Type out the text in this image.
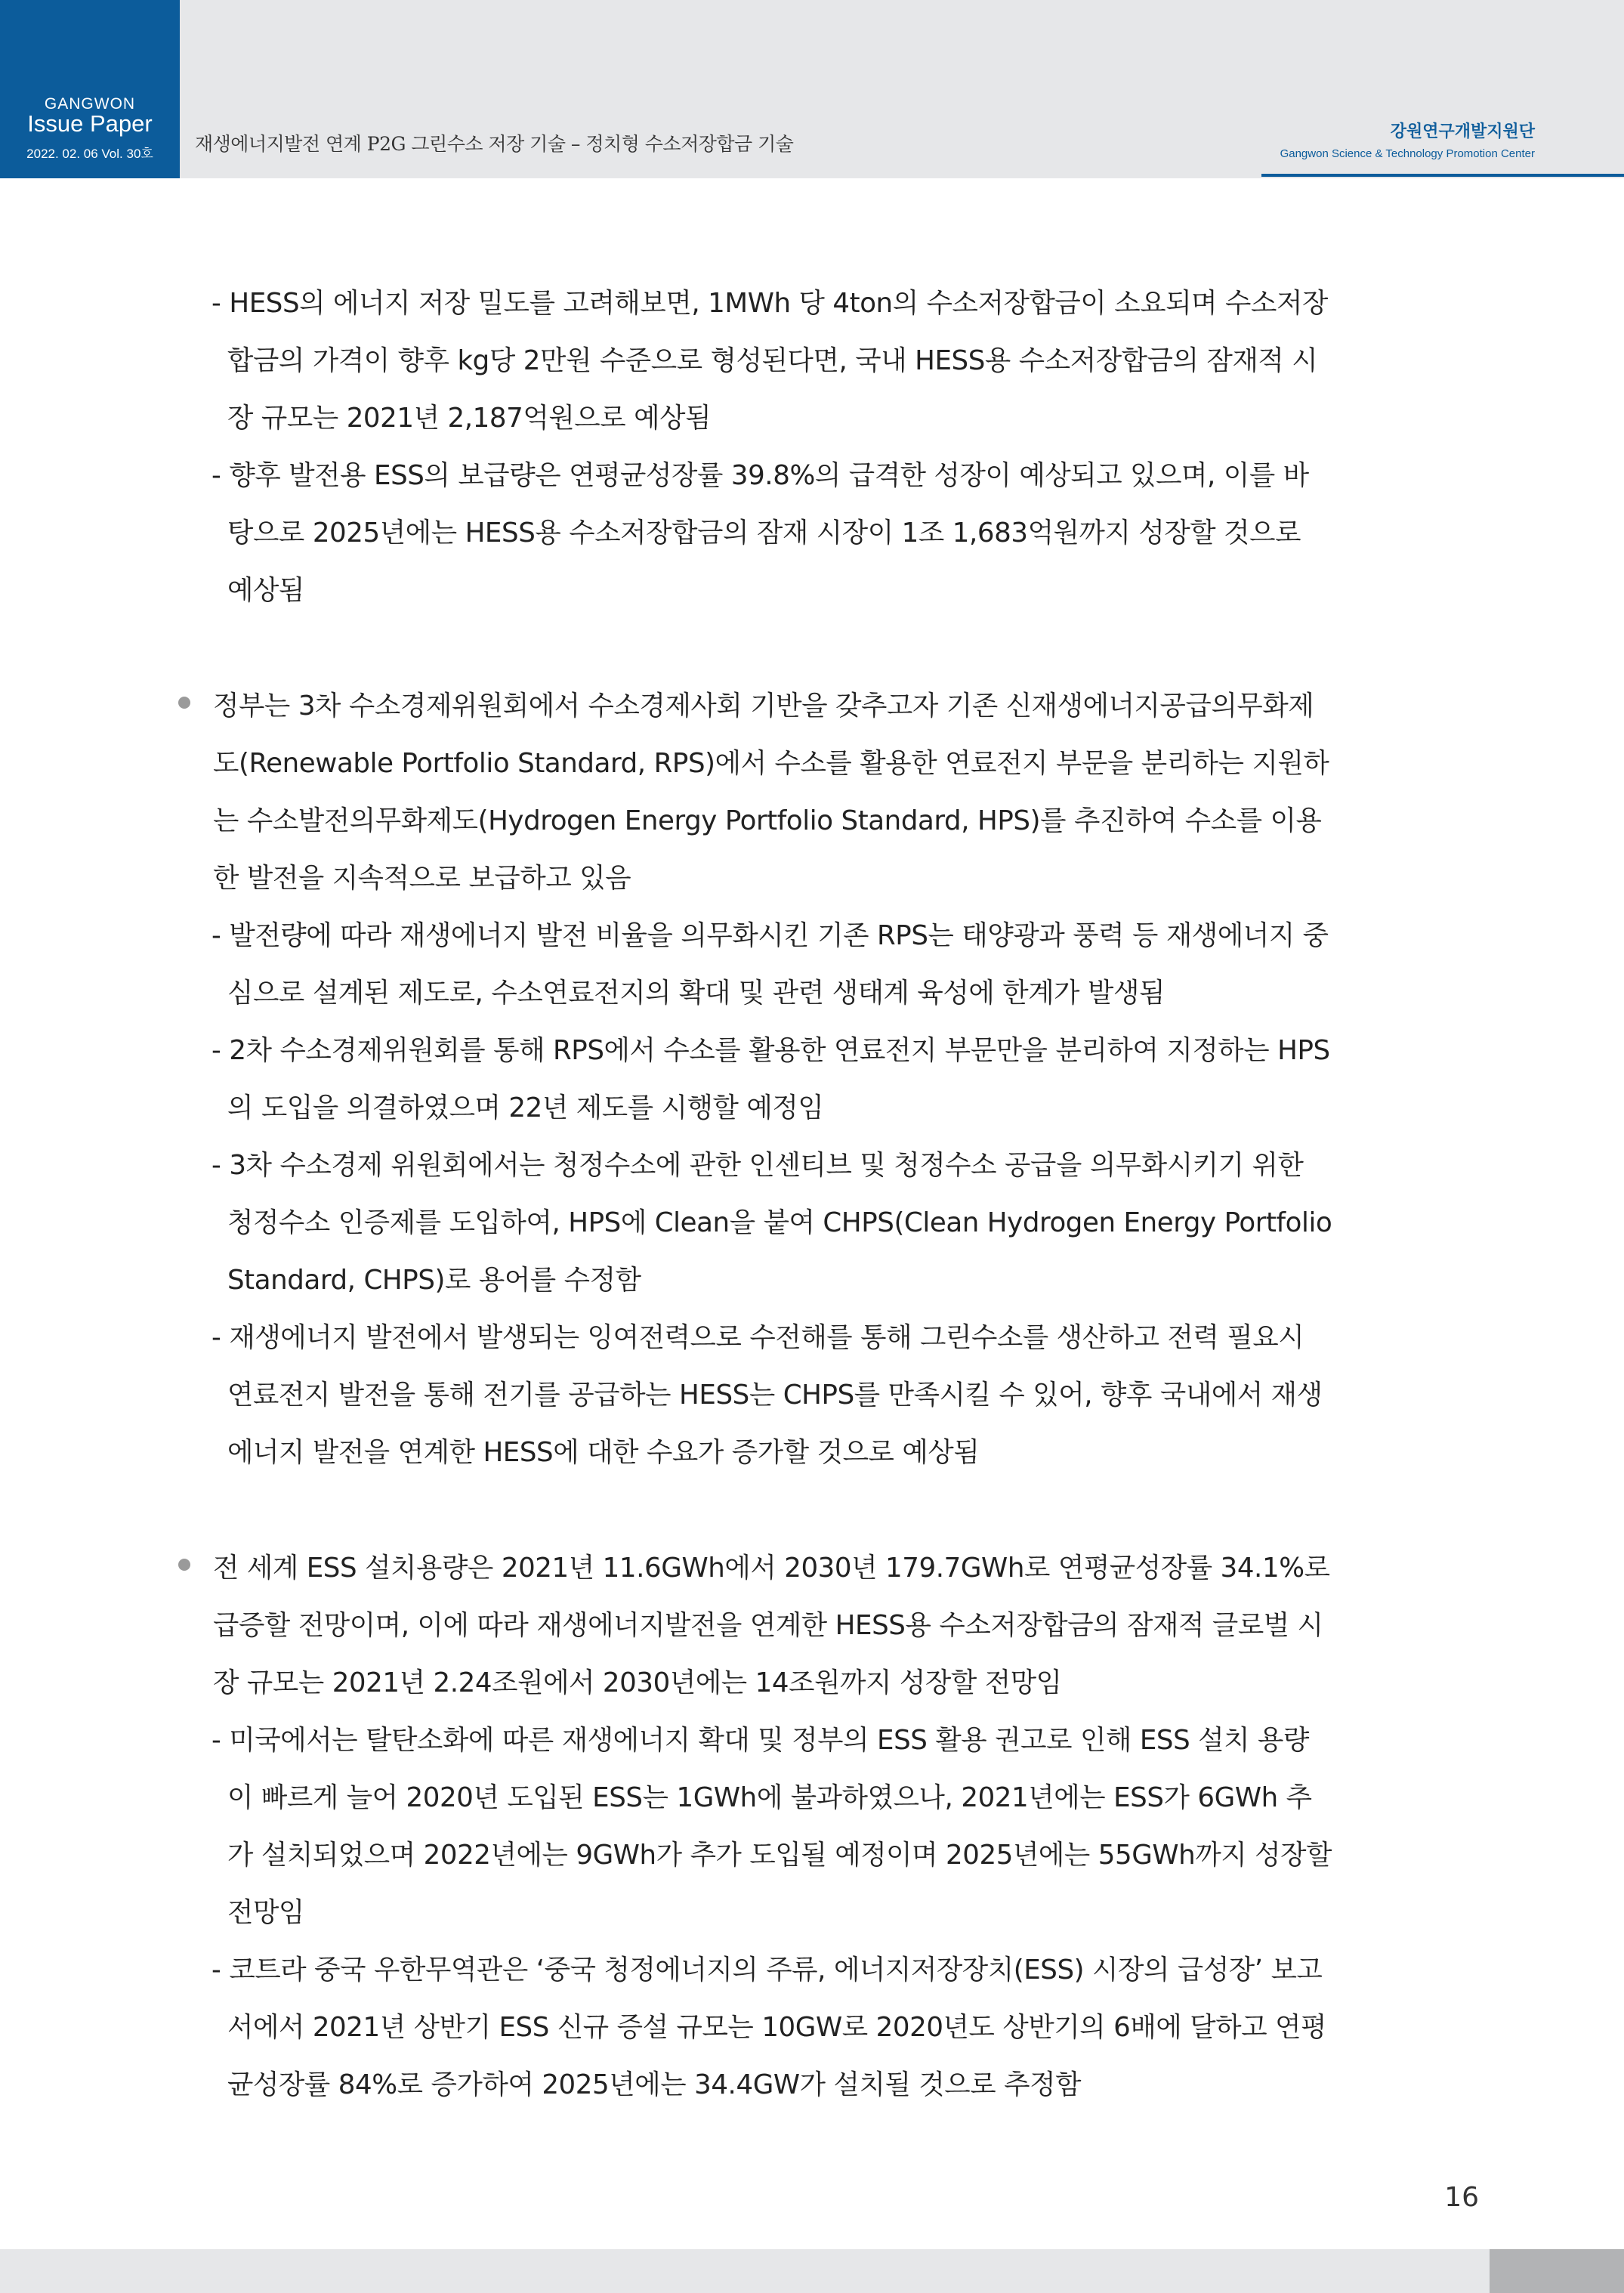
GANGWON
Issue Paper
2022. 02. 06 Vol. 30호	재생에너지발전 연계 P2G 그린수소 저장 기술 – 정치형 수소저장합금 기술
강원연구개발지원단
Gangwon Science & Technology Promotion Center

- HESS의 에너지 저장 밀도를 고려해보면, 1MWh 당 4ton의 수소저장합금이 소요되며 수소저장

합금의 가격이 향후 kg당 2만원 수준으로 형성된다면, 국내 HESS용 수소저장합금의 잠재적 시

장 규모는 2021년 2,187억원으로 예상됨

- 향후 발전용 ESS의 보급량은 연평균성장률 39.8%의 급격한 성장이 예상되고 있으며, 이를 바

탕으로 2025년에는 HESS용 수소저장합금의 잠재 시장이 1조 1,683억원까지 성장할 것으로

예상됨

정부는 3차 수소경제위원회에서 수소경제사회 기반을 갖추고자 기존 신재생에너지공급의무화제

도(Renewable Portfolio Standard, RPS)에서 수소를 활용한 연료전지 부문을 분리하는 지원하

는 수소발전의무화제도(Hydrogen Energy Portfolio Standard, HPS)를 추진하여 수소를 이용

한 발전을 지속적으로 보급하고 있음

- 발전량에 따라 재생에너지 발전 비율을 의무화시킨 기존 RPS는 태양광과 풍력 등 재생에너지 중

심으로 설계된 제도로, 수소연료전지의 확대 및 관련 생태계 육성에 한계가 발생됨

- 2차 수소경제위원회를 통해 RPS에서 수소를 활용한 연료전지 부문만을 분리하여 지정하는 HPS

의 도입을 의결하였으며 22년 제도를 시행할 예정임

- 3차 수소경제 위원회에서는 청정수소에 관한 인센티브 및 청정수소 공급을 의무화시키기 위한

청정수소 인증제를 도입하여, HPS에 Clean을 붙여 CHPS(Clean Hydrogen Energy Portfolio

Standard, CHPS)로 용어를 수정함

- 재생에너지 발전에서 발생되는 잉여전력으로 수전해를 통해 그린수소를 생산하고 전력 필요시

연료전지 발전을 통해 전기를 공급하는 HESS는 CHPS를 만족시킬 수 있어, 향후 국내에서 재생

에너지 발전을 연계한 HESS에 대한 수요가 증가할 것으로 예상됨

전 세계 ESS 설치용량은 2021년 11.6GWh에서 2030년 179.7GWh로 연평균성장률 34.1%로

급증할 전망이며, 이에 따라 재생에너지발전을 연계한 HESS용 수소저장합금의 잠재적 글로벌 시

장 규모는 2021년 2.24조원에서 2030년에는 14조원까지 성장할 전망임

- 미국에서는 탈탄소화에 따른 재생에너지 확대 및 정부의 ESS 활용 권고로 인해 ESS 설치 용량

이 빠르게 늘어 2020년 도입된 ESS는 1GWh에 불과하였으나, 2021년에는 ESS가 6GWh 추

가 설치되었으며 2022년에는 9GWh가 추가 도입될 예정이며 2025년에는 55GWh까지 성장할

전망임

- 코트라 중국 우한무역관은 ‘중국 청정에너지의 주류, 에너지저장장치(ESS) 시장의 급성장’ 보고

서에서 2021년 상반기 ESS 신규 증설 규모는 10GW로 2020년도 상반기의 6배에 달하고 연평

균성장률 84%로 증가하여 2025년에는 34.4GW가 설치될 것으로 추정함

16
